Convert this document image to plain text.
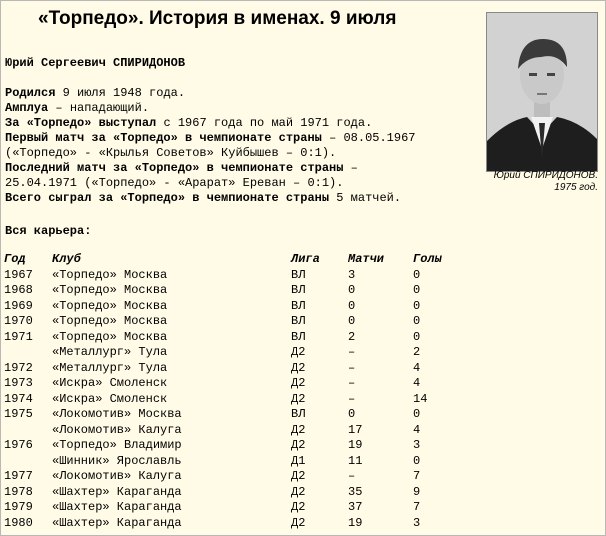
«Торпедо». История в именах. 9 июля
Юрий СПИРИДОНОВ.
1975 год.

Юрий Сергеевич СПИРИДОНОВ

Родился 9 июля 1948 года.

Амплуа – нападающий.

За «Торпедо» выступал с 1967 года по май 1971 года.

Первый матч за «Торпедо» в чемпионате страны – 08.05.1967

(«Торпедо» - «Крылья Советов» Куйбышев – 0:1).

Последний матч за «Торпедо» в чемпионате страны –

25.04.1971 («Торпедо» - «Арарат» Ереван – 0:1).

Всего сыграл за «Торпедо» в чемпионате страны 5 матчей.

Вся карьера:
Год	Клуб	Лига	Матчи	Голы
1967	«Торпедо» Москва	ВЛ	3	0
1968	«Торпедо» Москва	ВЛ	0	0
1969	«Торпедо» Москва	ВЛ	0	0
1970	«Торпедо» Москва	ВЛ	0	0
1971	«Торпедо» Москва	ВЛ	2	0
	«Металлург» Тула	Д2	–	2
1972	«Металлург» Тула	Д2	–	4
1973	«Искра» Смоленск	Д2	–	4
1974	«Искра» Смоленск	Д2	–	14
1975	«Локомотив» Москва	ВЛ	0	0
	«Локомотив» Калуга	Д2	17	4
1976	«Торпедо» Владимир	Д2	19	3
	«Шинник» Ярославль	Д1	11	0
1977	«Локомотив» Калуга	Д2	–	7
1978	«Шахтер» Караганда	Д2	35	9
1979	«Шахтер» Караганда	Д2	37	7
1980	«Шахтер» Караганда	Д2	19	3
